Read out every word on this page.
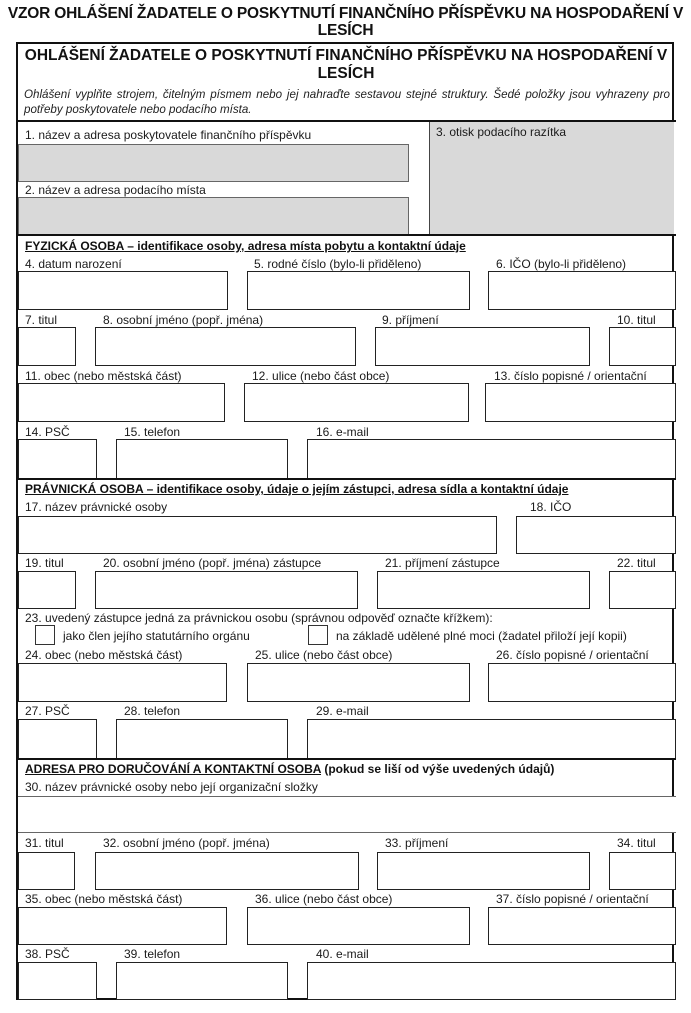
VZOR OHLÁŠENÍ ŽADATELE O POSKYTNUTÍ FINANČNÍHO PŘÍSPĚVKU NA HOSPODAŘENÍ V LESÍCH
OHLÁŠENÍ ŽADATELE O POSKYTNUTÍ FINANČNÍHO PŘÍSPĚVKU NA HOSPODAŘENÍ V LESÍCH
Ohlášení vyplňte strojem, čitelným písmem nebo jej nahraďte sestavou stejné struktury. Šedé položky jsou vyhrazeny pro potřeby poskytovatele nebo podacího místa.
1. název a adresa poskytovatele finančního příspěvku
2. název a adresa podacího místa
3. otisk podacího razítka
FYZICKÁ OSOBA – identifikace osoby, adresa místa pobytu a kontaktní údaje
4. datum narození	5. rodné číslo (bylo-li přiděleno)	6. IČO (bylo-li přiděleno)
7. titul	8. osobní jméno (popř. jména)	9. příjmení	10. titul
11. obec (nebo městská část)	12. ulice (nebo část obce)	13. číslo popisné / orientační
14. PSČ	15. telefon	16. e-mail
PRÁVNICKÁ OSOBA – identifikace osoby, údaje o jejím zástupci, adresa sídla a kontaktní údaje
17. název právnické osoby	18. IČO
19. titul	20. osobní jméno (popř. jména) zástupce	21. příjmení zástupce	22. titul
23. uvedený zástupce jedná za právnickou osobu (správnou odpověď označte křížkem):
jako člen jejího statutárního orgánu	na základě udělené plné moci (žadatel přiloží její kopii)
24. obec (nebo městská část)	25. ulice (nebo část obce)	26. číslo popisné / orientační
27. PSČ	28. telefon	29. e-mail
ADRESA PRO DORUČOVÁNÍ A KONTAKTNÍ OSOBA (pokud se liší od výše uvedených údajů)
30. název právnické osoby nebo její organizační složky
31. titul	32. osobní jméno (popř. jména)	33. příjmení	34. titul
35. obec (nebo městská část)	36. ulice (nebo část obce)	37. číslo popisné / orientační
38. PSČ	39. telefon	40. e-mail
